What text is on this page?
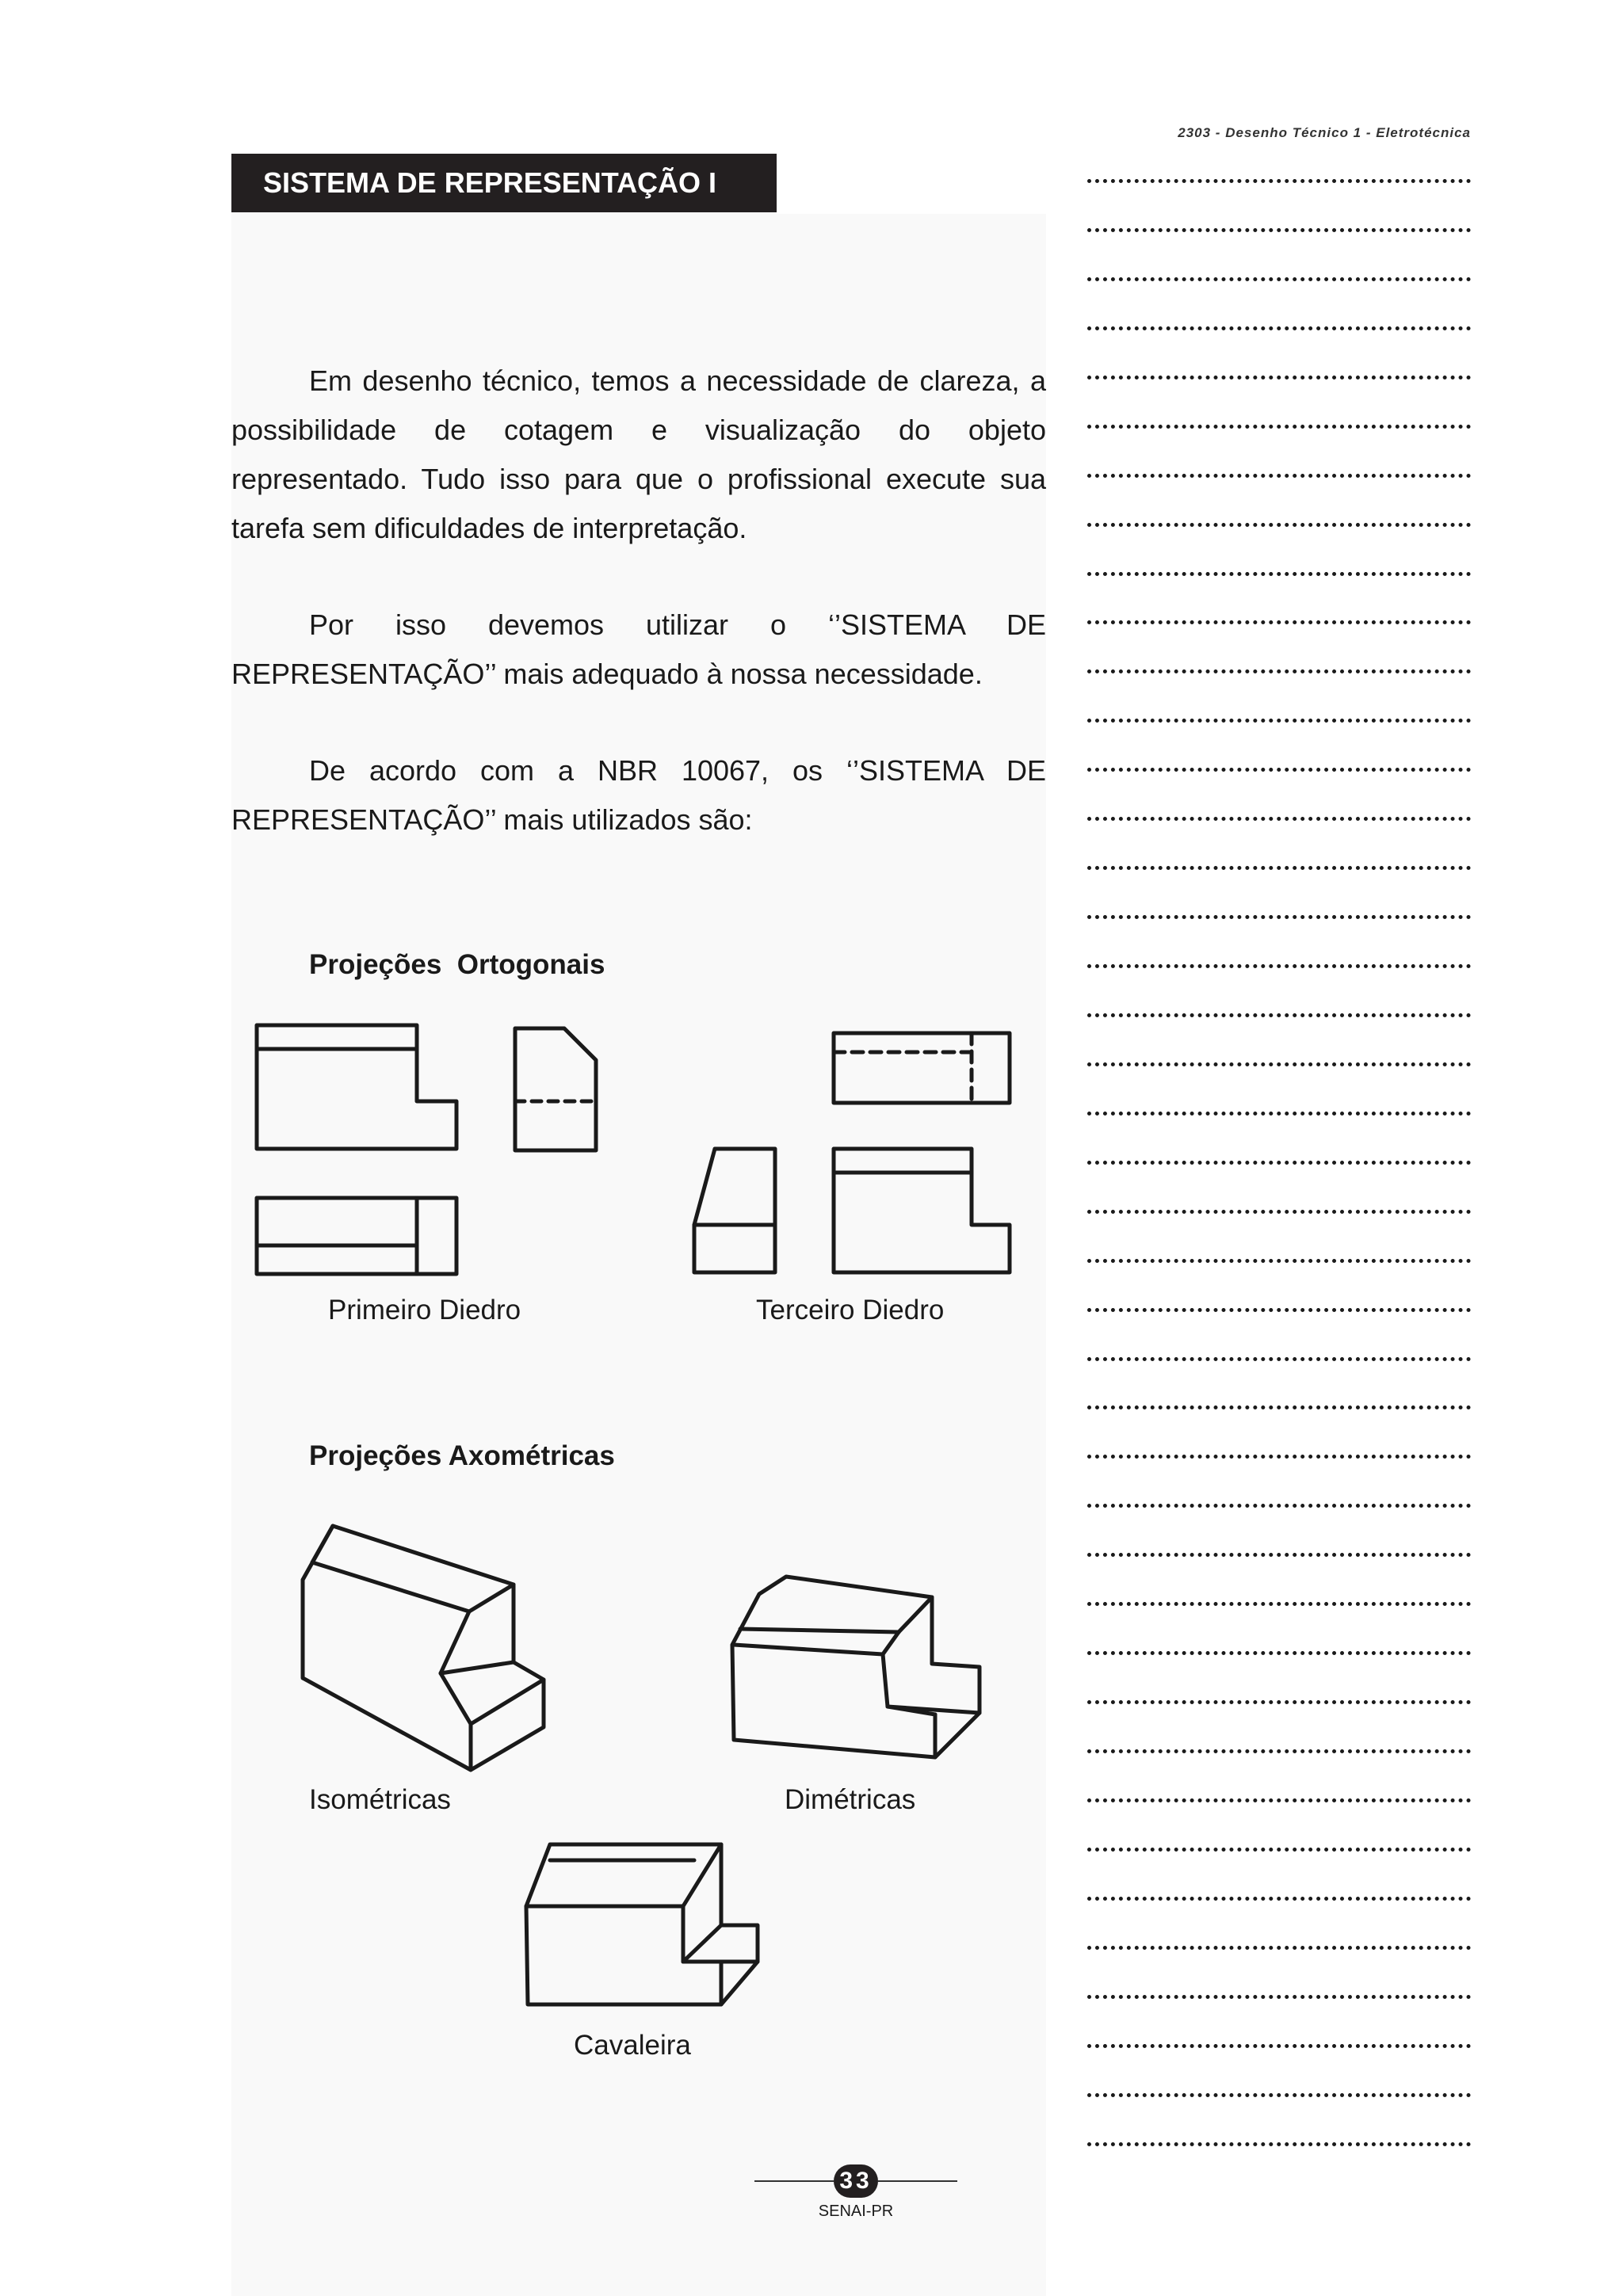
2303 - Desenho Técnico 1 - Eletrotécnica
SISTEMA DE REPRESENTAÇÃO I

Em desenho técnico, temos a necessidade de clareza, a possibilidade de cotagem e visualização do objeto representado. Tudo isso para que o profissional execute sua tarefa sem dificuldades de interpretação.

Por isso devemos utilizar o ‘’SISTEMA DE REPRESENTAÇÃO’’ mais adequado à nossa necessidade.

De acordo com a NBR 10067, os ‘’SISTEMA DE REPRESENTAÇÃO’’ mais utilizados são:

Projeções  Ortogonais

Primeiro Diedro	Terceiro Diedro

Projeções Axométricas

Isométricas	Dimétricas

Cavaleira

33
SENAI-PR
